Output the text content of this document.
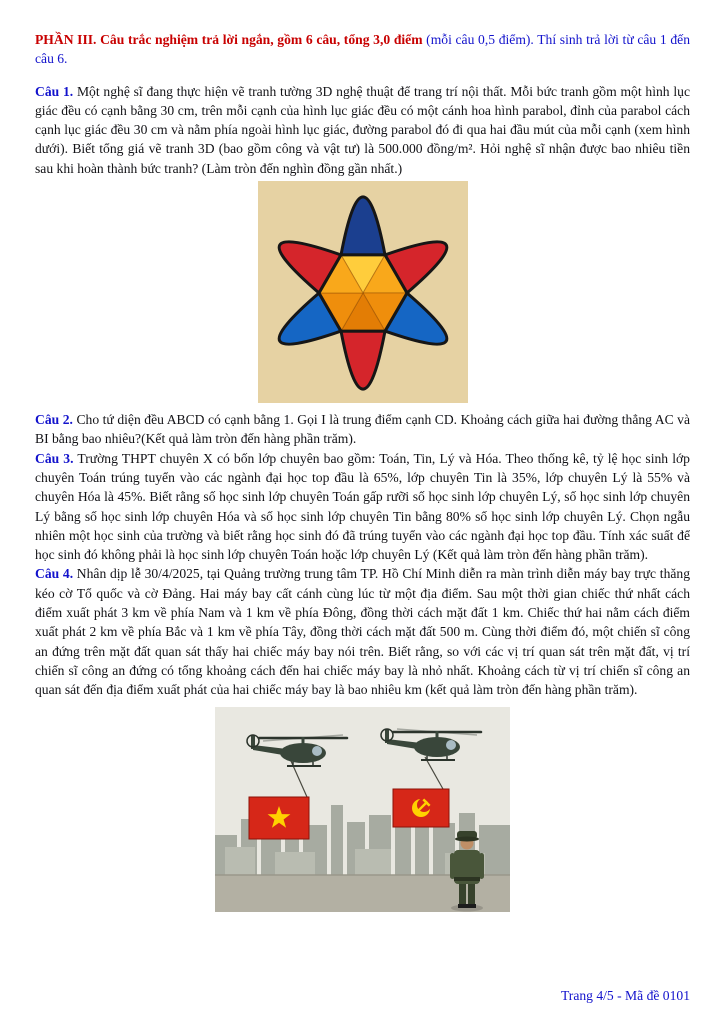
PHẦN III. Câu trắc nghiệm trả lời ngắn, gồm 6 câu, tổng 3,0 điểm (mỗi câu 0,5 điểm). Thí sinh trả lời từ câu 1 đến câu 6.

Câu 1. Một nghệ sĩ đang thực hiện vẽ tranh tường 3D nghệ thuật để trang trí nội thất. Mỗi bức tranh gồm một hình lục giác đều có cạnh bằng 30 cm, trên mỗi cạnh của hình lục giác đều có một cánh hoa hình parabol, đỉnh của parabol cách cạnh lục giác đều 30 cm và nằm phía ngoài hình lục giác, đường parabol đó đi qua hai đầu mút của mỗi cạnh (xem hình dưới). Biết tổng giá vẽ tranh 3D (bao gồm công và vật tư) là 500.000 đồng/m². Hỏi nghệ sĩ nhận được bao nhiêu tiền sau khi hoàn thành bức tranh? (Làm tròn đến nghìn đồng gần nhất.)

Câu 2. Cho tứ diện đều ABCD có cạnh bằng 1. Gọi I là trung điểm cạnh CD. Khoảng cách giữa hai đường thẳng AC và BI bằng bao nhiêu?(Kết quả làm tròn đến hàng phần trăm).

Câu 3. Trường THPT chuyên X có bốn lớp chuyên bao gồm: Toán, Tin, Lý và Hóa. Theo thống kê, tỷ lệ học sinh lớp chuyên Toán trúng tuyển vào các ngành đại học top đầu là 65%, lớp chuyên Tin là 35%, lớp chuyên Lý là 55% và chuyên Hóa là 45%. Biết rằng số học sinh lớp chuyên Toán gấp rưỡi số học sinh lớp chuyên Lý, số học sinh lớp chuyên Lý bằng số học sinh lớp chuyên Hóa và số học sinh lớp chuyên Tin bằng 80% số học sinh lớp chuyên Lý. Chọn ngẫu nhiên một học sinh của trường và biết rằng học sinh đó đã trúng tuyển vào các ngành đại học top đầu. Tính xác suất để học sinh đó không phải là học sinh lớp chuyên Toán hoặc lớp chuyên Lý (Kết quả làm tròn đến hàng phần trăm).

Câu 4. Nhân dịp lễ 30/4/2025, tại Quảng trường trung tâm TP. Hồ Chí Minh diễn ra màn trình diễn máy bay trực thăng kéo cờ Tổ quốc và cờ Đảng. Hai máy bay cất cánh cùng lúc từ một địa điểm. Sau một thời gian chiếc thứ nhất cách điểm xuất phát 3 km về phía Nam và 1 km về phía Đông, đồng thời cách mặt đất 1 km. Chiếc thứ hai nằm cách điểm xuất phát 2 km về phía Bắc và 1 km về phía Tây, đồng thời cách mặt đất 500 m. Cùng thời điểm đó, một chiến sĩ công an đứng trên mặt đất quan sát thấy hai chiếc máy bay nói trên. Biết rằng, so với các vị trí quan sát trên mặt đất, vị trí chiến sĩ công an đứng có tổng khoảng cách đến hai chiếc máy bay là nhỏ nhất. Khoảng cách từ vị trí chiến sĩ công an quan sát đến địa điểm xuất phát của hai chiếc máy bay là bao nhiêu km (kết quả làm tròn đến hàng phần trăm).

Trang 4/5 - Mã đề 0101
